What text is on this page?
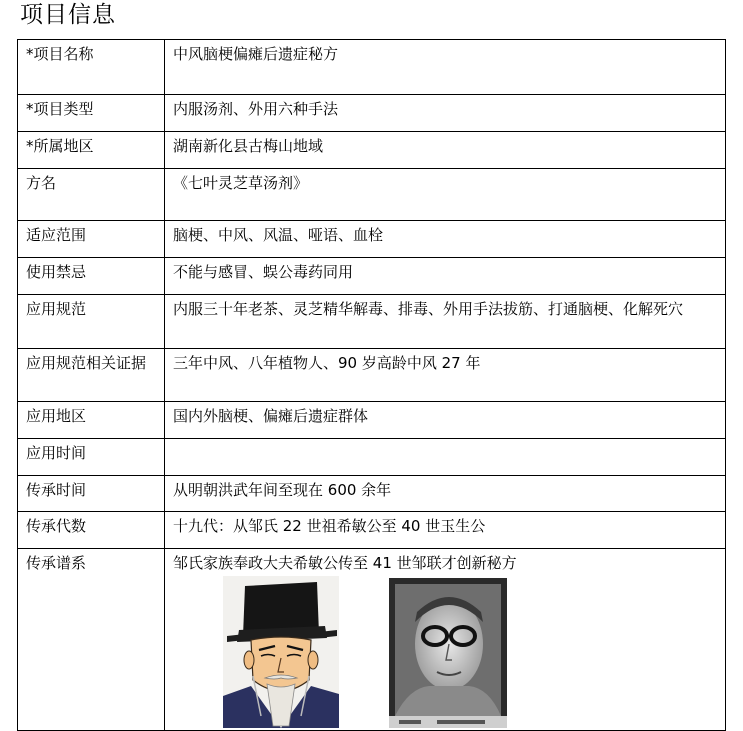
项目信息
*项目名称	中风脑梗偏瘫后遗症秘方
*项目类型	内服汤剂、外用六种手法
*所属地区	湖南新化县古梅山地域
方名	《七叶灵芝草汤剂》
适应范围	脑梗、中风、风温、哑语、血栓
使用禁忌	不能与感冒、蜈公毒药同用
应用规范	内服三十年老茶、灵芝精华解毒、排毒、外用手法拔筋、打通脑梗、化解死穴
应用规范相关证据	三年中风、八年植物人、90 岁高龄中风 27 年
应用地区	国内外脑梗、偏瘫后遗症群体
应用时间	
传承时间	从明朝洪武年间至现在 600 余年
传承代数	十九代：从邹氏 22 世祖希敏公至 40 世玉生公
传承谱系	邹氏家族奉政大夫希敏公传至 41 世邹联才创新秘方
